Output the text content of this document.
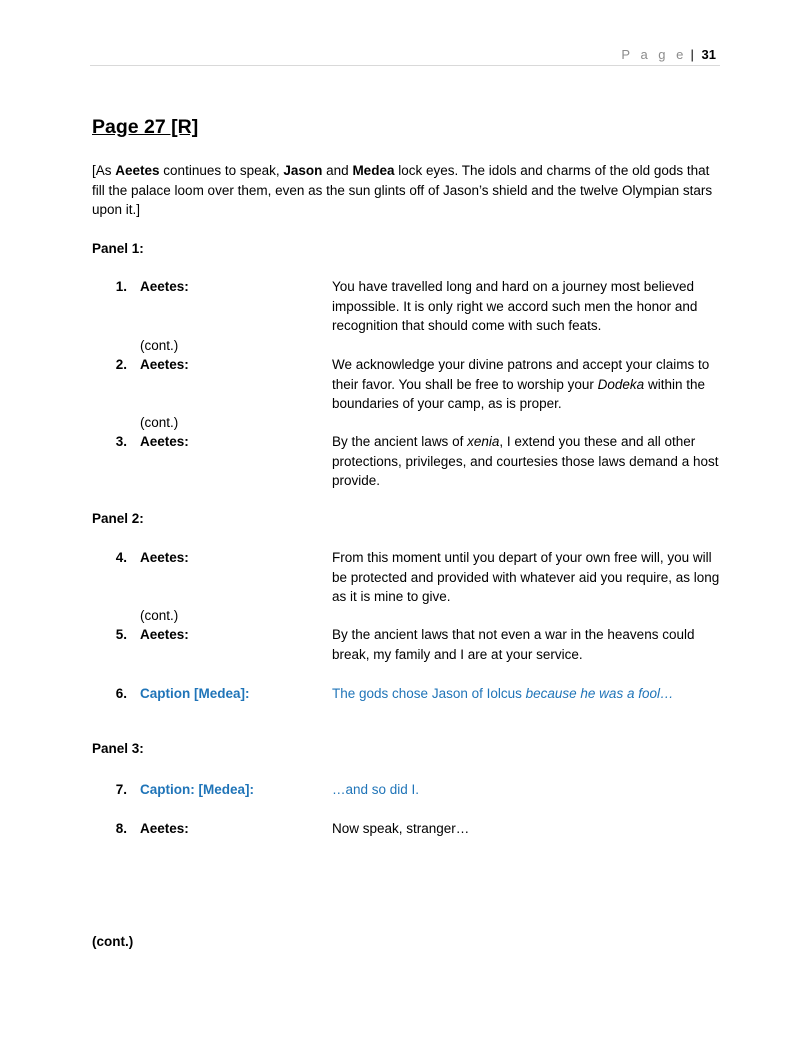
P a g e | 31
Page 27 [R]
[As Aeetes continues to speak, Jason and Medea lock eyes. The idols and charms of the old gods that fill the palace loom over them, even as the sun glints off of Jason’s shield and the twelve Olympian stars upon it.]
Panel 1:
1. Aeetes:	You have travelled long and hard on a journey most believed impossible. It is only right we accord such men the honor and recognition that should come with such feats.
(cont.)
2. Aeetes:	We acknowledge your divine patrons and accept your claims to their favor. You shall be free to worship your Dodeka within the boundaries of your camp, as is proper.
(cont.)
3. Aeetes:	By the ancient laws of xenia, I extend you these and all other protections, privileges, and courtesies those laws demand a host provide.
Panel 2:
4. Aeetes:	From this moment until you depart of your own free will, you will be protected and provided with whatever aid you require, as long as it is mine to give.
(cont.)
5. Aeetes:	By the ancient laws that not even a war in the heavens could break, my family and I are at your service.
6. Caption [Medea]:	The gods chose Jason of Iolcus because he was a fool…
Panel 3:
7. Caption: [Medea]:	…and so did I.
8. Aeetes:	Now speak, stranger…
(cont.)
